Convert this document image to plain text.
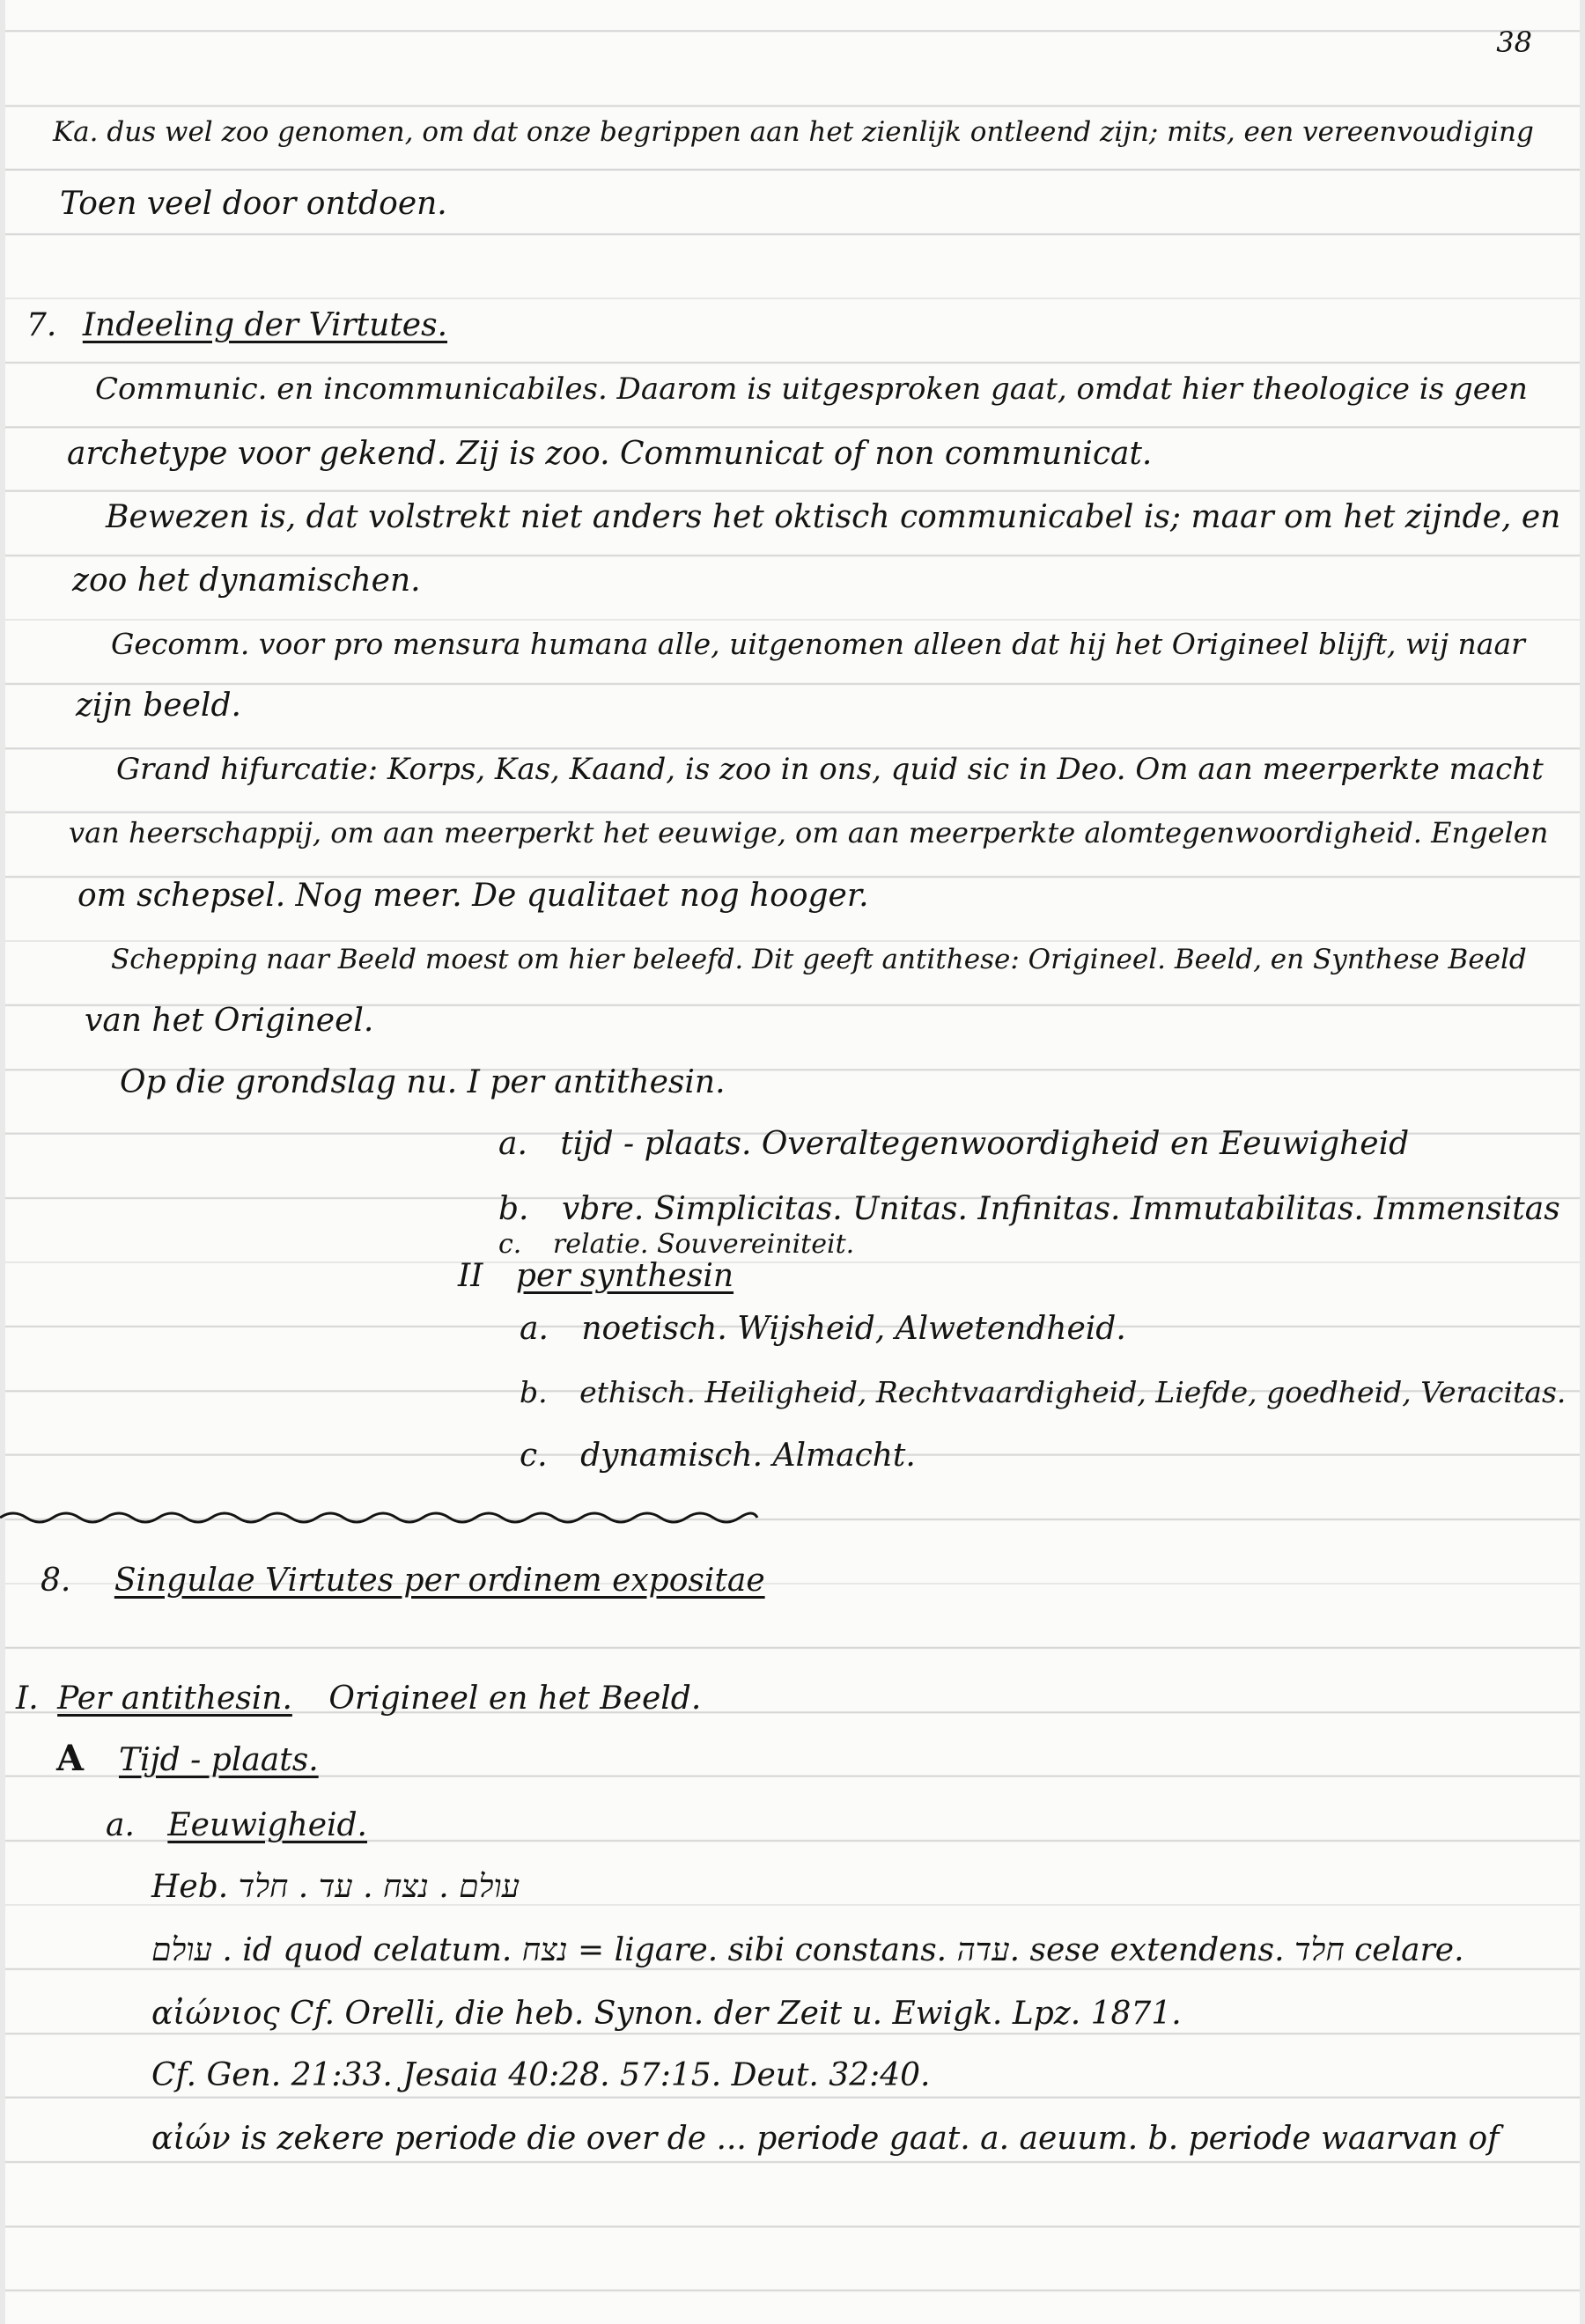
38
Ka. dus wel zoo genomen, om dat onze begrippen aan het zienlijk ontleend zijn; mits, een vereenvoudiging
Toen veel door ontdoen.
7. Indeeling der Virtutes.
Communic. en incommunicabiles. Daarom is uitgesproken gaat, omdat hier theologice is geen
archetype voor gekend. Zij is zoo. Communicat of non communicat.
Bewezen is, dat volstrekt niet anders het oktisch communicabel is; maar om het zijnde, en
zoo het dynamischen.
Gecomm. voor pro mensura humana alle, uitgenomen alleen dat hij het Origineel blijft, wij naar
zijn beeld.
Grand hifurcatie: Korps, Kas, Kaand, is zoo in ons, quid sic in Deo. Om aan meerperkte macht
van heerschappij, om aan meerperkt het eeuwige, om aan meerperkte alomtegenwoordigheid. Engelen
om schepsel. Nog meer. De qualitaet nog hooger.
Schepping naar Beeld moest om hier beleefd. Dit geeft antithese: Origineel. Beeld, en Synthese Beeld
van het Origineel.
Op die grondslag nu. I per antithesin.
a. tijd - plaats. Overaltegenwoordigheid en Eeuwigheid
b. vbre. Simplicitas. Unitas. Infinitas. Immutabilitas. Immensitas
c. relatie. Souvereiniteit.
II per synthesin
a. noetisch. Wijsheid, Alwetendheid.
b. ethisch. Heiligheid, Rechtvaardigheid, Liefde, goedheid, Veracitas.
c. dynamisch. Almacht.
8. Singulae Virtutes per ordinem expositae
I. Per antithesin. Origineel en het Beeld.
A Tijd - plaats.
a. Eeuwigheid.
Heb. עולם . נצח . עד . חלד
עולם . id quod celatum. נצח = ligare. sibi constans. עדה. sese extendens. חלד celare.
αἰώνιος Cf. Orelli, die heb. Synon. der Zeit u. Ewigk. Lpz. 1871.
Cf. Gen. 21:33. Jesaia 40:28. 57:15. Deut. 32:40.
αἰών is zekere periode die over de ... periode gaat. a. aeuum. b. periode waarvan of
